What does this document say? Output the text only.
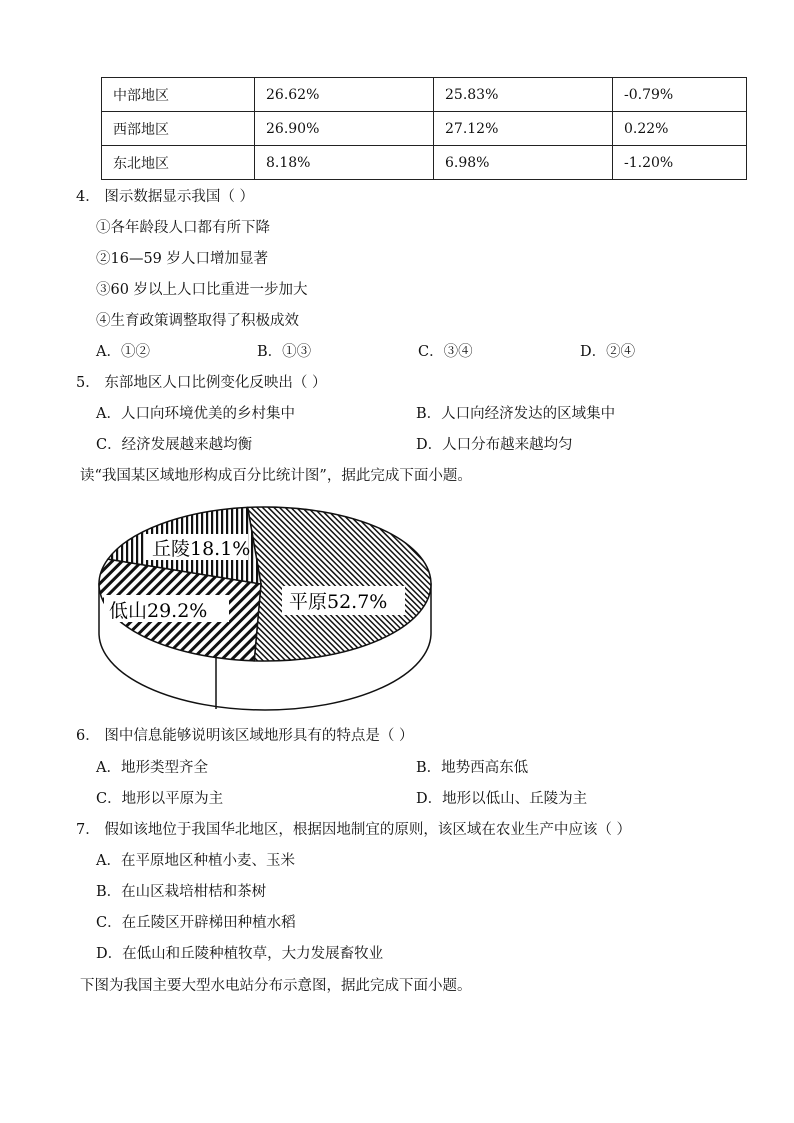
中部地区	26.62%	25.83%	-0.79%
西部地区	26.90%	27.12%	0.22%
东北地区	8.18%	6.98%	-1.20%
4． 图示数据显示我国（ ）
①各年龄段人口都有所下降
②16—59 岁人口增加显著
③60 岁以上人口比重进一步加大
④生育政策调整取得了积极成效
A．①②	B．①③	C．③④	D．②④
5． 东部地区人口比例变化反映出（ ）
A．人口向环境优美的乡村集中	B．人口向经济发达的区域集中
C．经济发展越来越均衡	D．人口分布越来越均匀
读“我国某区域地形构成百分比统计图”，据此完成下面小题。
丘陵18.1%
低山29.2%	平原52.7%
6． 图中信息能够说明该区域地形具有的特点是（ ）
A．地形类型齐全	B．地势西高东低
C．地形以平原为主	D．地形以低山、丘陵为主
7． 假如该地位于我国华北地区，根据因地制宜的原则，该区域在农业生产中应该（ ）
A．在平原地区种植小麦、玉米
B．在山区栽培柑桔和茶树
C．在丘陵区开辟梯田种植水稻
D．在低山和丘陵种植牧草，大力发展畜牧业
下图为我国主要大型水电站分布示意图，据此完成下面小题。
